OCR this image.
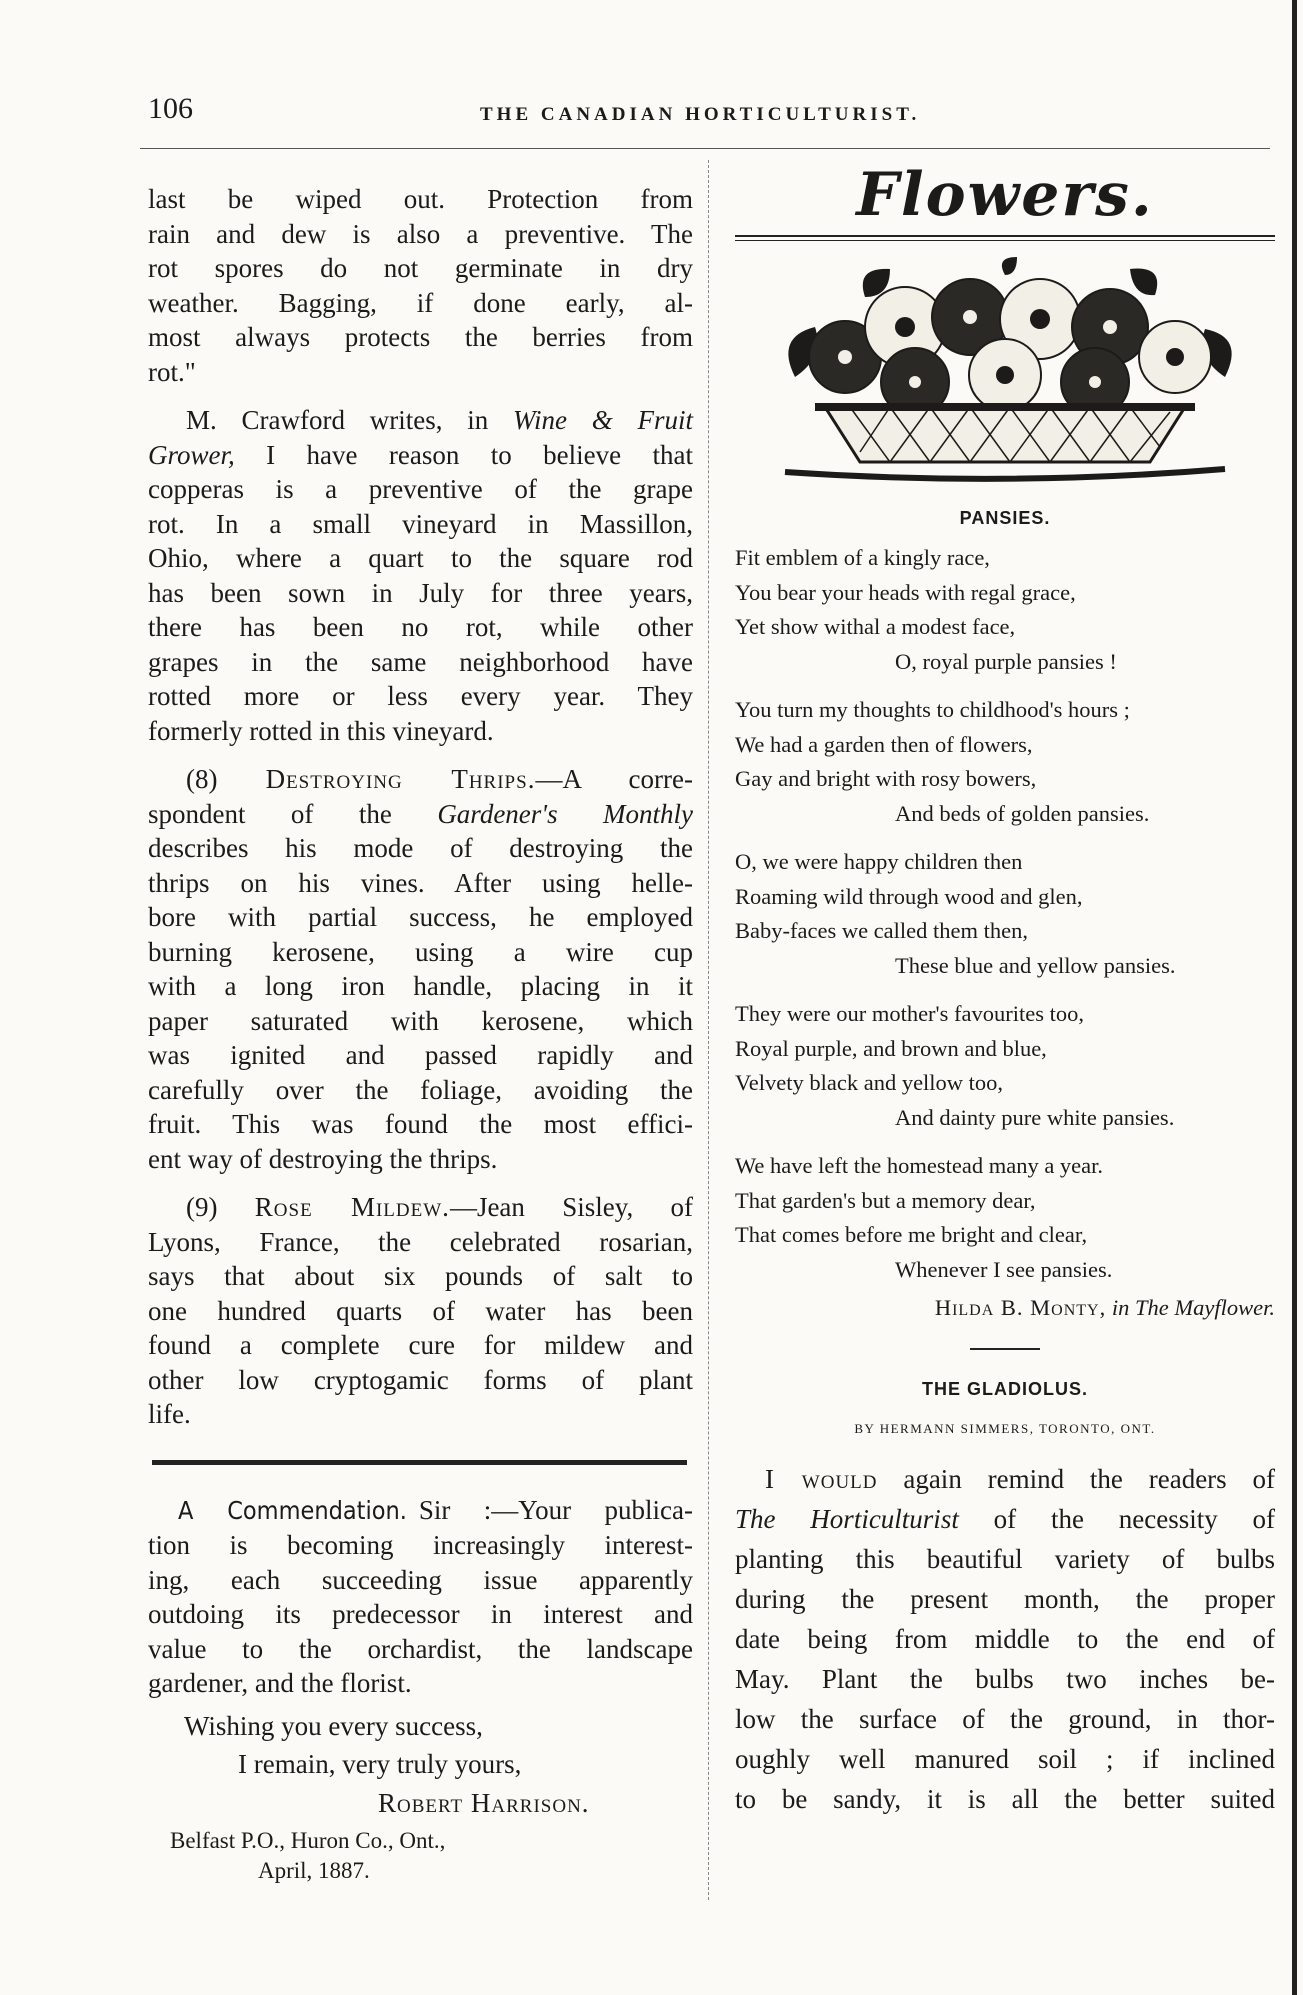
106	THE CANADIAN HORTICULTURIST.
last be wiped out. Protection from
rain and dew is also a preventive. The
rot spores do not germinate in dry
weather. Bagging, if done early, al-
most always protects the berries from
rot."
M. Crawford writes, in Wine & Fruit
Grower, I have reason to believe that
copperas is a preventive of the grape
rot. In a small vineyard in Massillon,
Ohio, where a quart to the square rod
has been sown in July for three years,
there has been no rot, while other
grapes in the same neighborhood have
rotted more or less every year. They
formerly rotted in this vineyard.
(8) Destroying Thrips.—A corre-
spondent of the Gardener's Monthly
describes his mode of destroying the
thrips on his vines. After using helle-
bore with partial success, he employed
burning kerosene, using a wire cup
with a long iron handle, placing in it
paper saturated with kerosene, which
was ignited and passed rapidly and
carefully over the foliage, avoiding the
fruit. This was found the most effici-
ent way of destroying the thrips.
(9) Rose Mildew.—Jean Sisley, of
Lyons, France, the celebrated rosarian,
says that about six pounds of salt to
one hundred quarts of water has been
found a complete cure for mildew and
other low cryptogamic forms of plant
life.
A Commendation. Sir :—Your publica-
tion is becoming increasingly interest-
ing, each succeeding issue apparently
outdoing its predecessor in interest and
value to the orchardist, the landscape
gardener, and the florist.
Wishing you every success,
I remain, very truly yours,
Robert Harrison.
Belfast P.O., Huron Co., Ont.,
April, 1887.
Flowers.
PANSIES.
Fit emblem of a kingly race,
You bear your heads with regal grace,
Yet show withal a modest face,
O, royal purple pansies !
You turn my thoughts to childhood's hours ;
We had a garden then of flowers,
Gay and bright with rosy bowers,
And beds of golden pansies.
O, we were happy children then
Roaming wild through wood and glen,
Baby-faces we called them then,
These blue and yellow pansies.
They were our mother's favourites too,
Royal purple, and brown and blue,
Velvety black and yellow too,
And dainty pure white pansies.
We have left the homestead many a year.
That garden's but a memory dear,
That comes before me bright and clear,
Whenever I see pansies.
Hilda B. Monty, in The Mayflower.
THE GLADIOLUS.
BY HERMANN SIMMERS, TORONTO, ONT.
I would again remind the readers of
The Horticulturist of the necessity of
planting this beautiful variety of bulbs
during the present month, the proper
date being from middle to the end of
May. Plant the bulbs two inches be-
low the surface of the ground, in thor-
oughly well manured soil ; if inclined
to be sandy, it is all the better suited
